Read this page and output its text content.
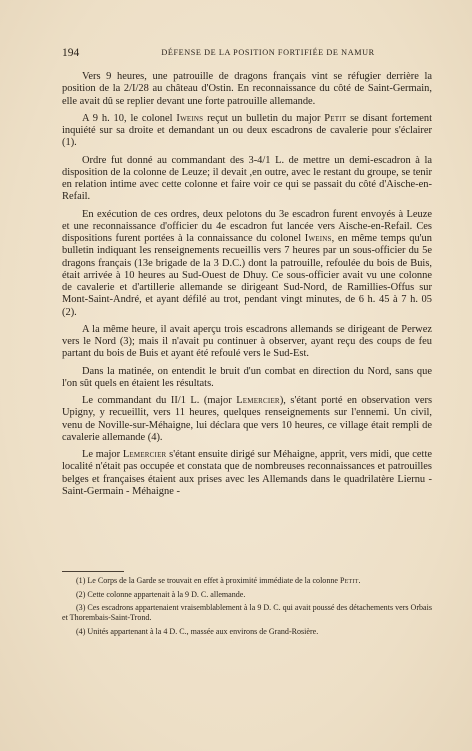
194	DÉFENSE DE LA POSITION FORTIFIÉE DE NAMUR

Vers 9 heures, une patrouille de dragons français vint se réfugier derrière la position de la 2/I/28 au château d'Ostin. En reconnaissance du côté de Saint-Germain, elle avait dû se replier devant une forte patrouille allemande.

A 9 h. 10, le colonel Iweins reçut un bulletin du major Petit se disant fortement inquiété sur sa droite et demandant un ou deux escadrons de cavalerie pour s'éclairer (1).

Ordre fut donné au commandant des 3-4/1 L. de mettre un demi-escadron à la disposition de la colonne de Leuze; il devait ,en outre, avec le restant du groupe, se tenir en relation intime avec cette colonne et faire voir ce qui se passait du côté d'Aische-en-Refail.

En exécution de ces ordres, deux pelotons du 3e escadron furent envoyés à Leuze et une reconnaissance d'officier du 4e escadron fut lancée vers Aische-en-Refail. Ces dispositions furent portées à la connaissance du colonel Iweins, en même temps qu'un bulletin indiquant les renseignements recueillis vers 7 heures par un sous-officier du 5e dragons français (13e brigade de la 3 D.C.) dont la patrouille, refoulée du bois de Buis, était arrivée à 10 heures au Sud-Ouest de Dhuy. Ce sous-officier avait vu une colonne de cavalerie et d'artillerie allemande se dirigeant Sud-Nord, de Ramillies-Offus sur Mont-Saint-André, et ayant défilé au trot, pendant vingt minutes, de 6 h. 45 à 7 h. 05 (2).

A la même heure, il avait aperçu trois escadrons allemands se dirigeant de Perwez vers le Nord (3); mais il n'avait pu continuer à observer, ayant reçu des coups de feu partant du bois de Buis et ayant été refoulé vers le Sud-Est.

Dans la matinée, on entendit le bruit d'un combat en direction du Nord, sans que l'on sût quels en étaient les résultats.

Le commandant du II/1 L. (major Lemercier), s'étant porté en observation vers Upigny, y recueillit, vers 11 heures, quelques renseignements sur l'ennemi. Un civil, venu de Noville-sur-Méhaigne, lui déclara que vers 10 heures, ce village était rempli de cavalerie allemande (4).

Le major Lemercier s'étant ensuite dirigé sur Méhaigne, apprit, vers midi, que cette localité n'était pas occupée et constata que de nombreuses reconnaissances et patrouilles belges et françaises étaient aux prises avec les Allemands dans le quadrilatère Liernu - Saint-Germain - Méhaigne -

(1) Le Corps de la Garde se trouvait en effet à proximité immédiate de la colonne Petit.

(2) Cette colonne appartenait à la 9 D. C. allemande.

(3) Ces escadrons appartenaient vraisemblablement à la 9 D. C. qui avait poussé des détachements vers Orbais et Thorembais-Saint-Trond.

(4) Unités appartenant à la 4 D. C., massée aux environs de Grand-Rosière.
